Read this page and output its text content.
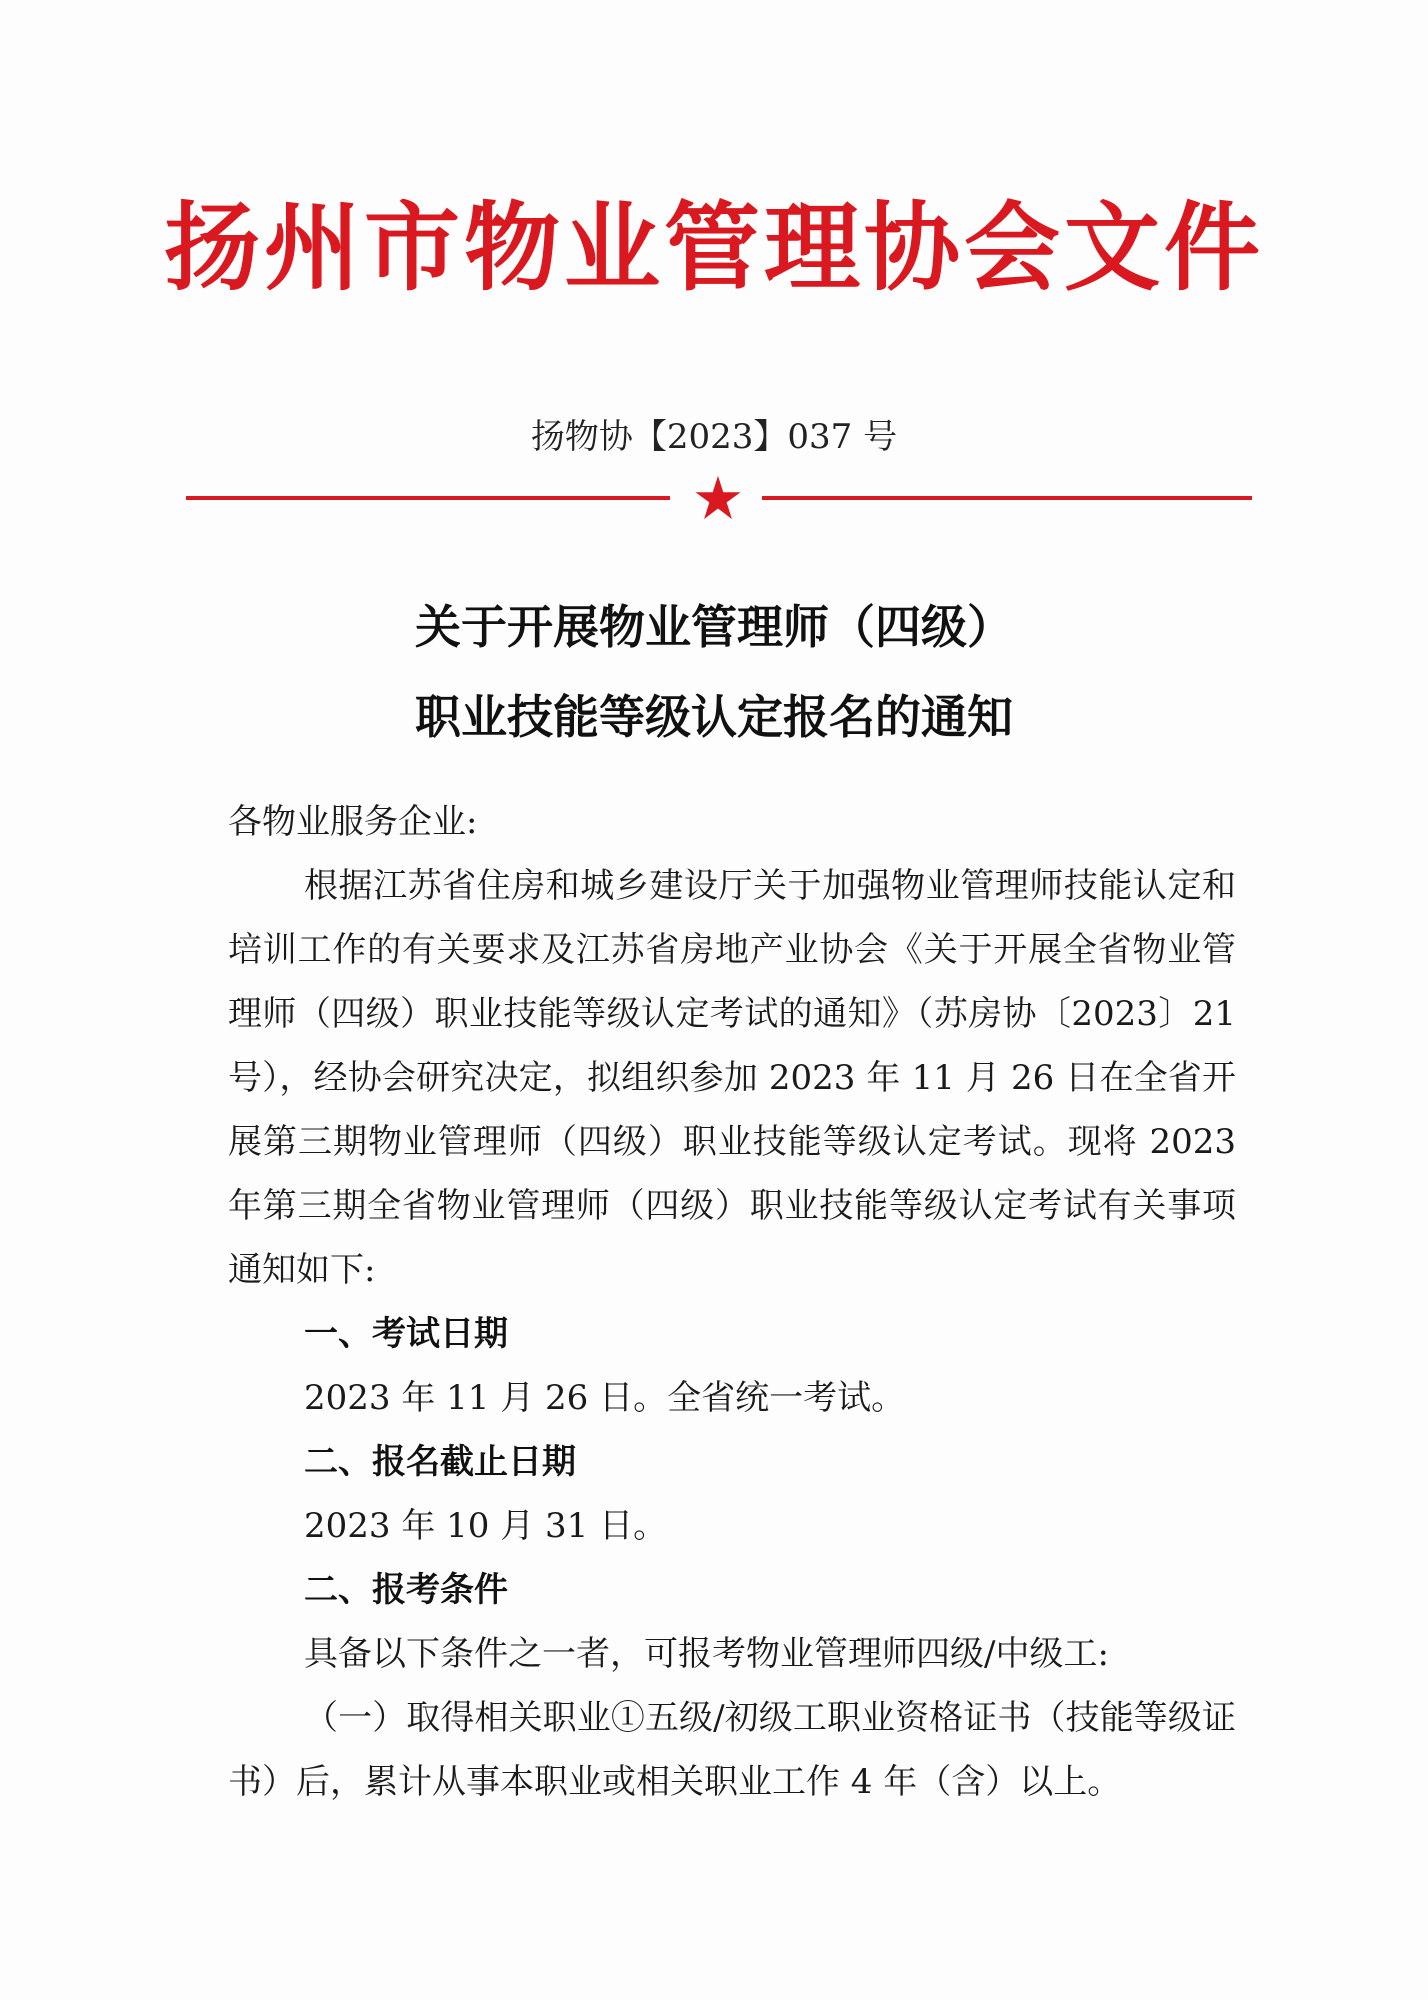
扬州市物业管理协会文件
扬物协【2023】037 号
关于开展物业管理师（四级）
职业技能等级认定报名的通知

各物业服务企业:

根据江苏省住房和城乡建设厅关于加强物业管理师技能认定和培训工作的有关要求及江苏省房地产业协会《关于开展全省物业管理师（四级）职业技能等级认定考试的通知》（苏房协〔2023〕21 号），经协会研究决定，拟组织参加 2023 年 11 月 26 日在全省开展第三期物业管理师（四级）职业技能等级认定考试。现将 2023 年第三期全省物业管理师（四级）职业技能等级认定考试有关事项通知如下:

一、考试日期

2023 年 11 月 26 日。全省统一考试。

二、报名截止日期

2023 年 10 月 31 日。

二、报考条件

具备以下条件之一者，可报考物业管理师四级/中级工:

（一）取得相关职业①五级/初级工职业资格证书（技能等级证书）后，累计从事本职业或相关职业工作 4 年（含）以上。
